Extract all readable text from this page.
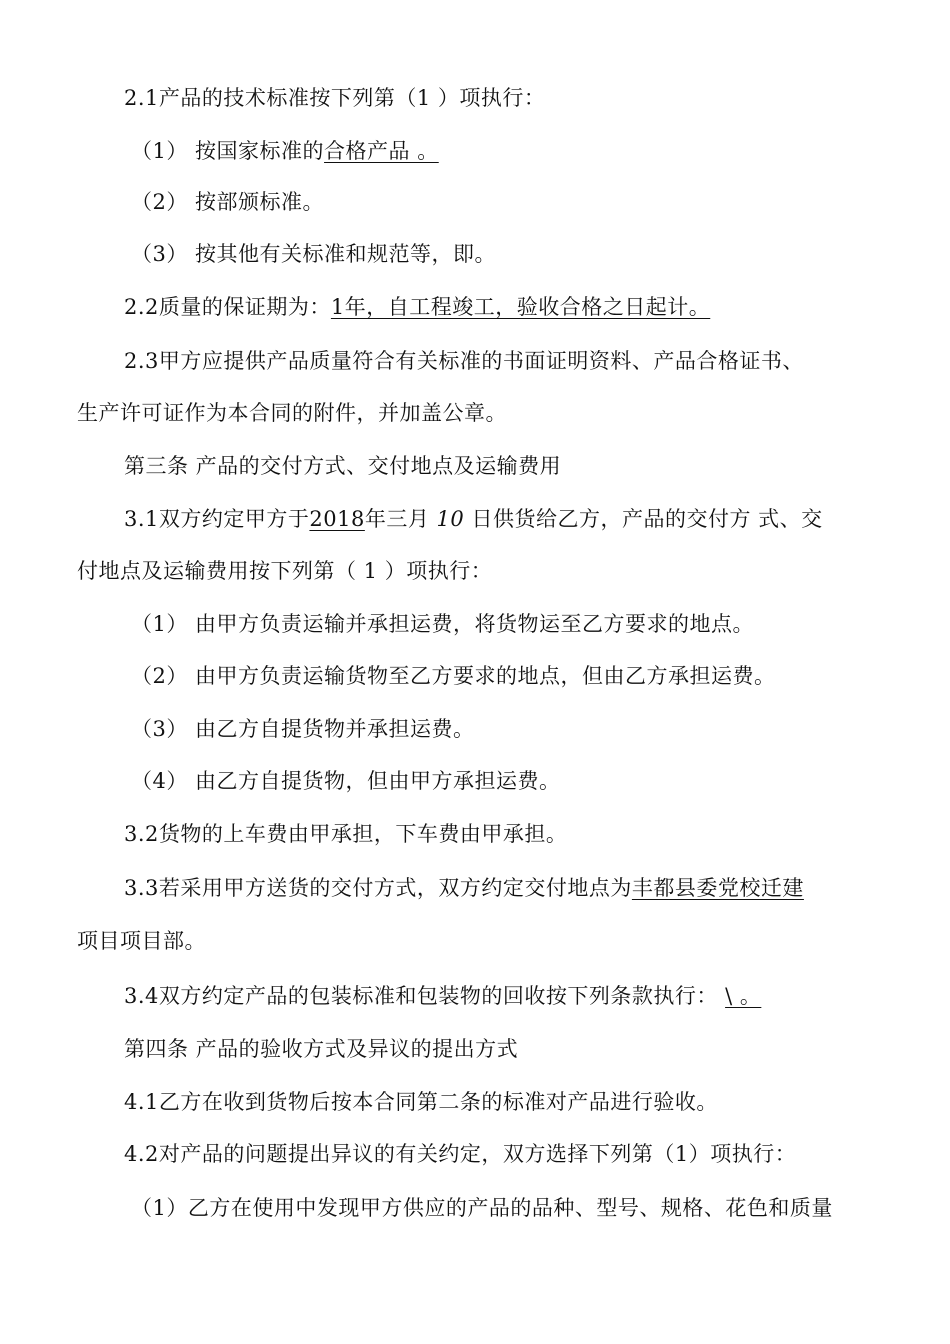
2.1产品的技术标准按下列第（1 ）项执行：
（1） 按国家标准的合格产品 。
（2） 按部颁标准。
（3） 按其他有关标准和规范等，即。
2.2质量的保证期为：1年，自工程竣工，验收合格之日起计。
2.3甲方应提供产品质量符合有关标准的书面证明资料、产品合格证书、
生产许可证作为本合同的附件，并加盖公章。
第三条 产品的交付方式、交付地点及运输费用
3.1双方约定甲方于2018年三月 10 日供货给乙方，产品的交付方 式、交
付地点及运输费用按下列第（ 1 ）项执行：
（1） 由甲方负责运输并承担运费，将货物运至乙方要求的地点。
（2） 由甲方负责运输货物至乙方要求的地点，但由乙方承担运费。
（3） 由乙方自提货物并承担运费。
（4） 由乙方自提货物，但由甲方承担运费。
3.2货物的上车费由甲承担，下车费由甲承担。
3.3若采用甲方送货的交付方式，双方约定交付地点为丰都县委党校迁建
项目项目部。
3.4双方约定产品的包装标准和包装物的回收按下列条款执行： \ 。
第四条 产品的验收方式及异议的提出方式
4.1乙方在收到货物后按本合同第二条的标准对产品进行验收。
4.2对产品的问题提出异议的有关约定，双方选择下列第（1）项执行：
（1）乙方在使用中发现甲方供应的产品的品种、型号、规格、花色和质量
